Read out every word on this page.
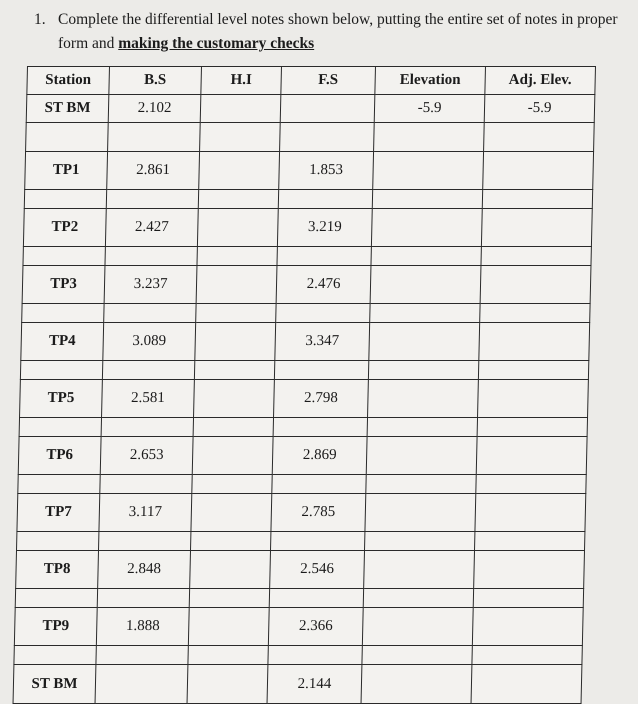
1. Complete the differential level notes shown below, putting the entire set of notes in proper
form and making the customary checks
Station	B.S	H.I	F.S	Elevation	Adj. Elev.
ST BM	2.102			-5.9	-5.9

TP1	2.861		1.853		

TP2	2.427		3.219		

TP3	3.237		2.476		

TP4	3.089		3.347		

TP5	2.581		2.798		

TP6	2.653		2.869		

TP7	3.117		2.785		

TP8	2.848		2.546		

TP9	1.888		2.366		

ST BM			2.144		
